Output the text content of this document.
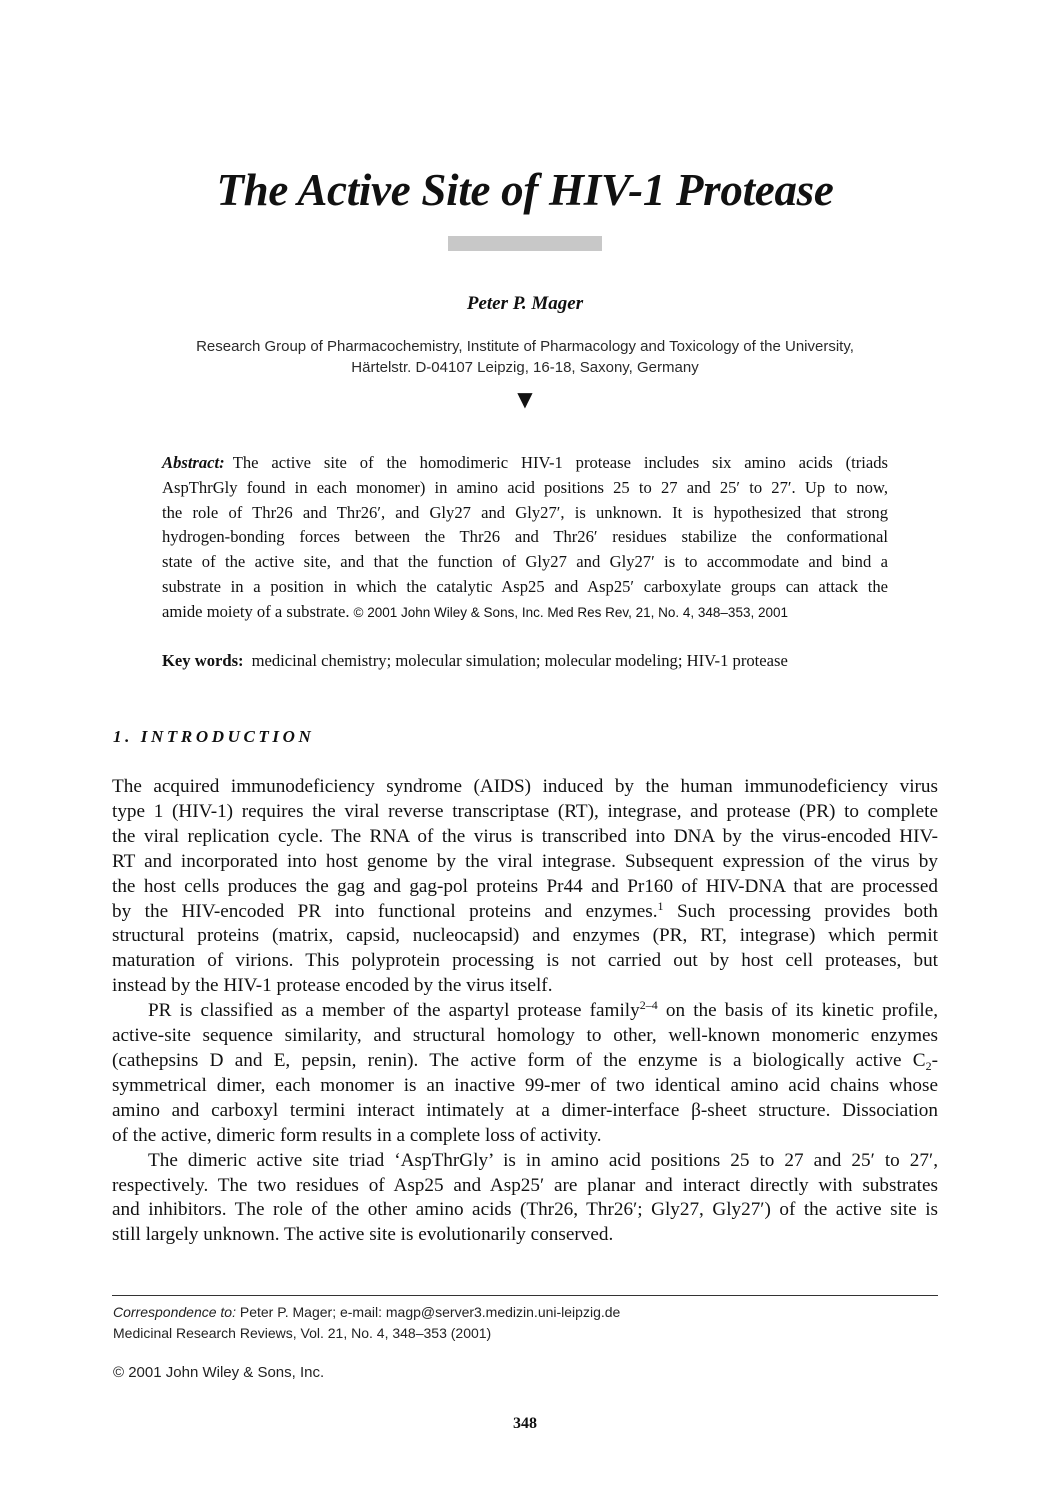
The Active Site of HIV-1 Protease
Peter P. Mager
Research Group of Pharmacochemistry, Institute of Pharmacology and Toxicology of the University,
Härtelstr. D-04107 Leipzig, 16-18, Saxony, Germany
▼
Abstract: The active site of the homodimeric HIV-1 protease includes six amino acids (triads
AspThrGly found in each monomer) in amino acid positions 25 to 27 and 25′ to 27′. Up to now,
the role of Thr26 and Thr26′, and Gly27 and Gly27′, is unknown. It is hypothesized that strong
hydrogen-bonding forces between the Thr26 and Thr26′ residues stabilize the conformational
state of the active site, and that the function of Gly27 and Gly27′ is to accommodate and bind a
substrate in a position in which the catalytic Asp25 and Asp25′ carboxylate groups can attack the
amide moiety of a substrate. © 2001 John Wiley & Sons, Inc. Med Res Rev, 21, No. 4, 348–353, 2001
Key words: medicinal chemistry; molecular simulation; molecular modeling; HIV-1 protease
1. INTRODUCTION
The acquired immunodeficiency syndrome (AIDS) induced by the human immunodeficiency virus
type 1 (HIV-1) requires the viral reverse transcriptase (RT), integrase, and protease (PR) to complete
the viral replication cycle. The RNA of the virus is transcribed into DNA by the virus-encoded HIV-
RT and incorporated into host genome by the viral integrase. Subsequent expression of the virus by
the host cells produces the gag and gag-pol proteins Pr44 and Pr160 of HIV-DNA that are processed
by the HIV-encoded PR into functional proteins and enzymes.$^1$ Such processing provides both
structural proteins (matrix, capsid, nucleocapsid) and enzymes (PR, RT, integrase) which permit
maturation of virions. This polyprotein processing is not carried out by host cell proteases, but
instead by the HIV-1 protease encoded by the virus itself.
PR is classified as a member of the aspartyl protease family$^{2-4}$ on the basis of its kinetic profile,
active-site sequence similarity, and structural homology to other, well-known monomeric enzymes
(cathepsins D and E, pepsin, renin). The active form of the enzyme is a biologically active $C_2-$
symmetrical dimer, each monomer is an inactive 99-mer of two identical amino acid chains whose
amino and carboxyl termini interact intimately at a dimer-interface β-sheet structure. Dissociation
of the active, dimeric form results in a complete loss of activity.
The dimeric active site triad ‘AspThrGly’ is in amino acid positions 25 to 27 and 25′ to 27′,
respectively. The two residues of Asp25 and Asp25′ are planar and interact directly with substrates
and inhibitors. The role of the other amino acids (Thr26, Thr26′; Gly27, Gly27′) of the active site is
still largely unknown. The active site is evolutionarily conserved.
Correspondence to: Peter P. Mager; e-mail: magp@server3.medizin.uni-leipzig.de
Medicinal Research Reviews, Vol. 21, No. 4, 348–353 (2001)
© 2001 John Wiley & Sons, Inc.
348
